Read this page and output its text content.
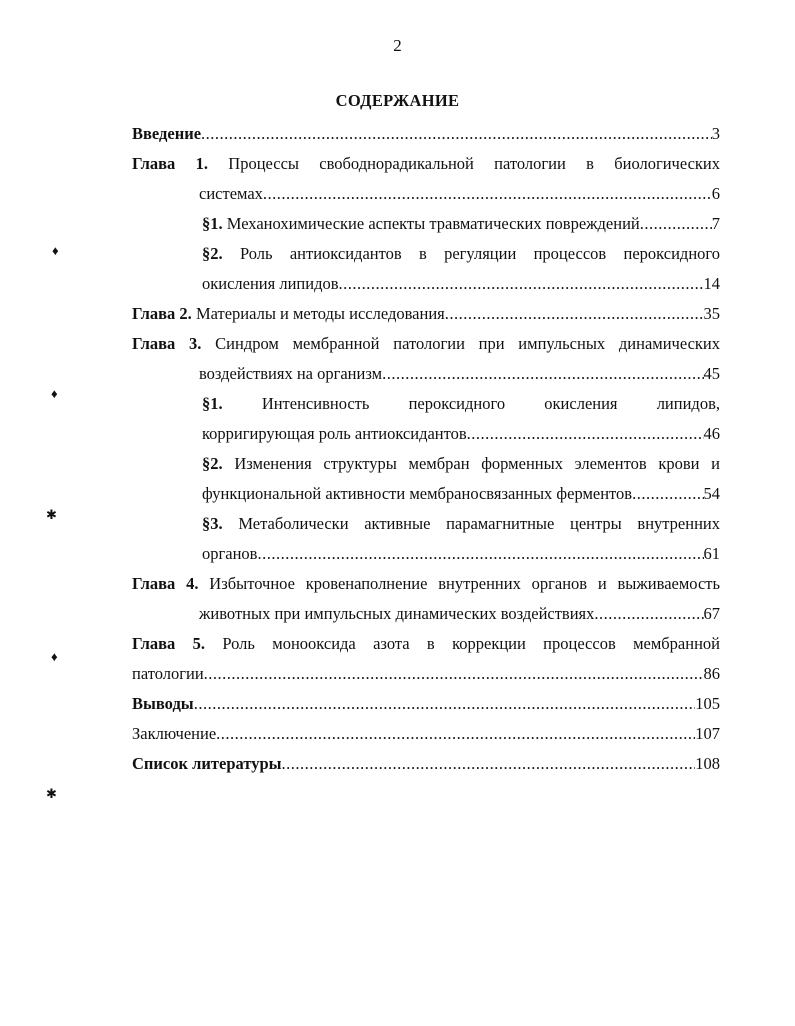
2
СОДЕРЖАНИЕ
Введение .....	3
Глава 1. Процессы свободнорадикальной патологии в биологических
системах .....	6
§1. Механохимические аспекты травматических повреждений .....	7
§2. Роль антиоксидантов в регуляции процессов пероксидного
окисления липидов .....	14
Глава 2. Материалы и методы исследования .....	35
Глава 3. Синдром мембранной патологии при импульсных динамических
воздействиях на организм .....	45
§1. Интенсивность пероксидного окисления липидов,
корригирующая роль антиоксидантов .....	46
§2. Изменения структуры мембран форменных элементов крови и
функциональной активности мембраносвязанных ферментов .....	54
§3. Метаболически активные парамагнитные центры внутренних
органов .....	61
Глава 4. Избыточное кровенаполнение внутренних органов и выживаемость
животных при импульсных динамических воздействиях .....	67
Глава 5. Роль монооксида азота в коррекции процессов мембранной
патологии .....	86
Выводы .....	105
Заключение .....	107
Список литературы .....	108
♦
♦
✱
♦
✱
